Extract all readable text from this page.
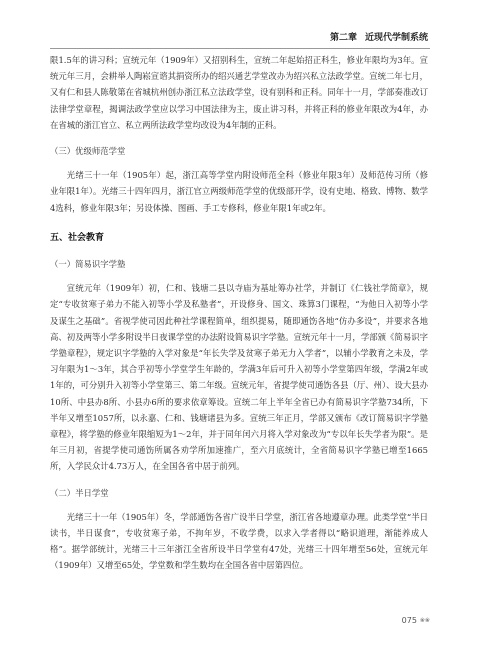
第二章 近现代学制系统

限1.5年的讲习科；宣统元年（1909年）又招别科生，宣统二年起始招正科生，修业年限均为3年。宣统元年三月，会耕举人陶崧宣谘其捐资所办的绍兴通艺学堂改办为绍兴私立法政学堂。宣统二年七月，又有仁和县人陈敬第在省城杭州创办浙江私立法政学堂，设有别科和正科。同年十一月，学部奏准改订法律学堂章程，揭调法政学堂应以学习中国法律为主，废止讲习科，并将正科的修业年限改为4年，办在省城的浙江官立、私立两所法政学堂均改设为4年制的正科。

（三）优级师范学堂

光绪三十一年（1905年）起，浙江高等学堂内附设师范全科（修业年限3年）及师范传习所（修业年限1年）。光绪三十四年四月，浙江官立两级师范学堂的优级部开学，设有史地、格致、博物、数学4选科，修业年限3年；另设体操、图画、手工专修科，修业年限1年或2年。

五、社会教育
（一）简易识字学塾

宣统元年（1909年）初，仁和、钱塘二县以寺庙为基址筹办社学，并制订《仁钱社学简章》，规定“专收贫寒子弟力不能入初等小学及私塾者”，开设修身、国文、珠算3门课程，“为他日入初等小学及谋生之基础”。省视学使司因此种社学课程简单，组织提易，随即通饬各地“仿办多设”，并要求各地高、初及两等小学多附设半日夜课学堂的办法附设简易识字学塾。宣统元年十一月，学部颁《简易识字学塾章程》，规定识字学塾的入学对象是“年长失学及贫寒子弟无力入学者”，以辅小学教育之未及，学习年限为1～3年，其合乎初等小学堂学生年龄的，学满3年后可升入初等小学堂第四年级，学满2年或1年的，可分别升入初等小学堂第三、第二年级。宣统元年，省提学使司通饬各县（厅、州）、设大县办10所、中县办8所、小县办6所的要求依章筹设。宣统二年上半年全省已办有简易识字学塾734所，下半年又增至1057所，以永嘉、仁和、钱塘诸县为多。宣统三年正月，学部又颁布《改订简易识字学塾章程》，将学塾的修业年限缩短为1～2年，并于同年闰六月将入学对象改为“专以年长失学者为限”。是年三月初，省提学使司通饬所属各劝学所加速推广，至六月底统计，全省简易识字学塾已增至1665所，入学民众计4.73万人，在全国各省中居于前列。

（二）半日学堂

光绪三十一年（1905年）冬，学部通饬各省广设半日学堂，浙江省各地遵章办理。此类学堂“半日读书，半日谋食”，专收贫寒子弟，不拘年岁，不收学费，以求入学者得以“略识道理，渐能养成人格”。据学部统计，光绪三十三年浙江全省所设半日学堂有47处，光绪三十四年增至56处，宣统元年（1909年）又增至65处，学堂数和学生数均在全国各省中居第四位。

075 ❀❀
